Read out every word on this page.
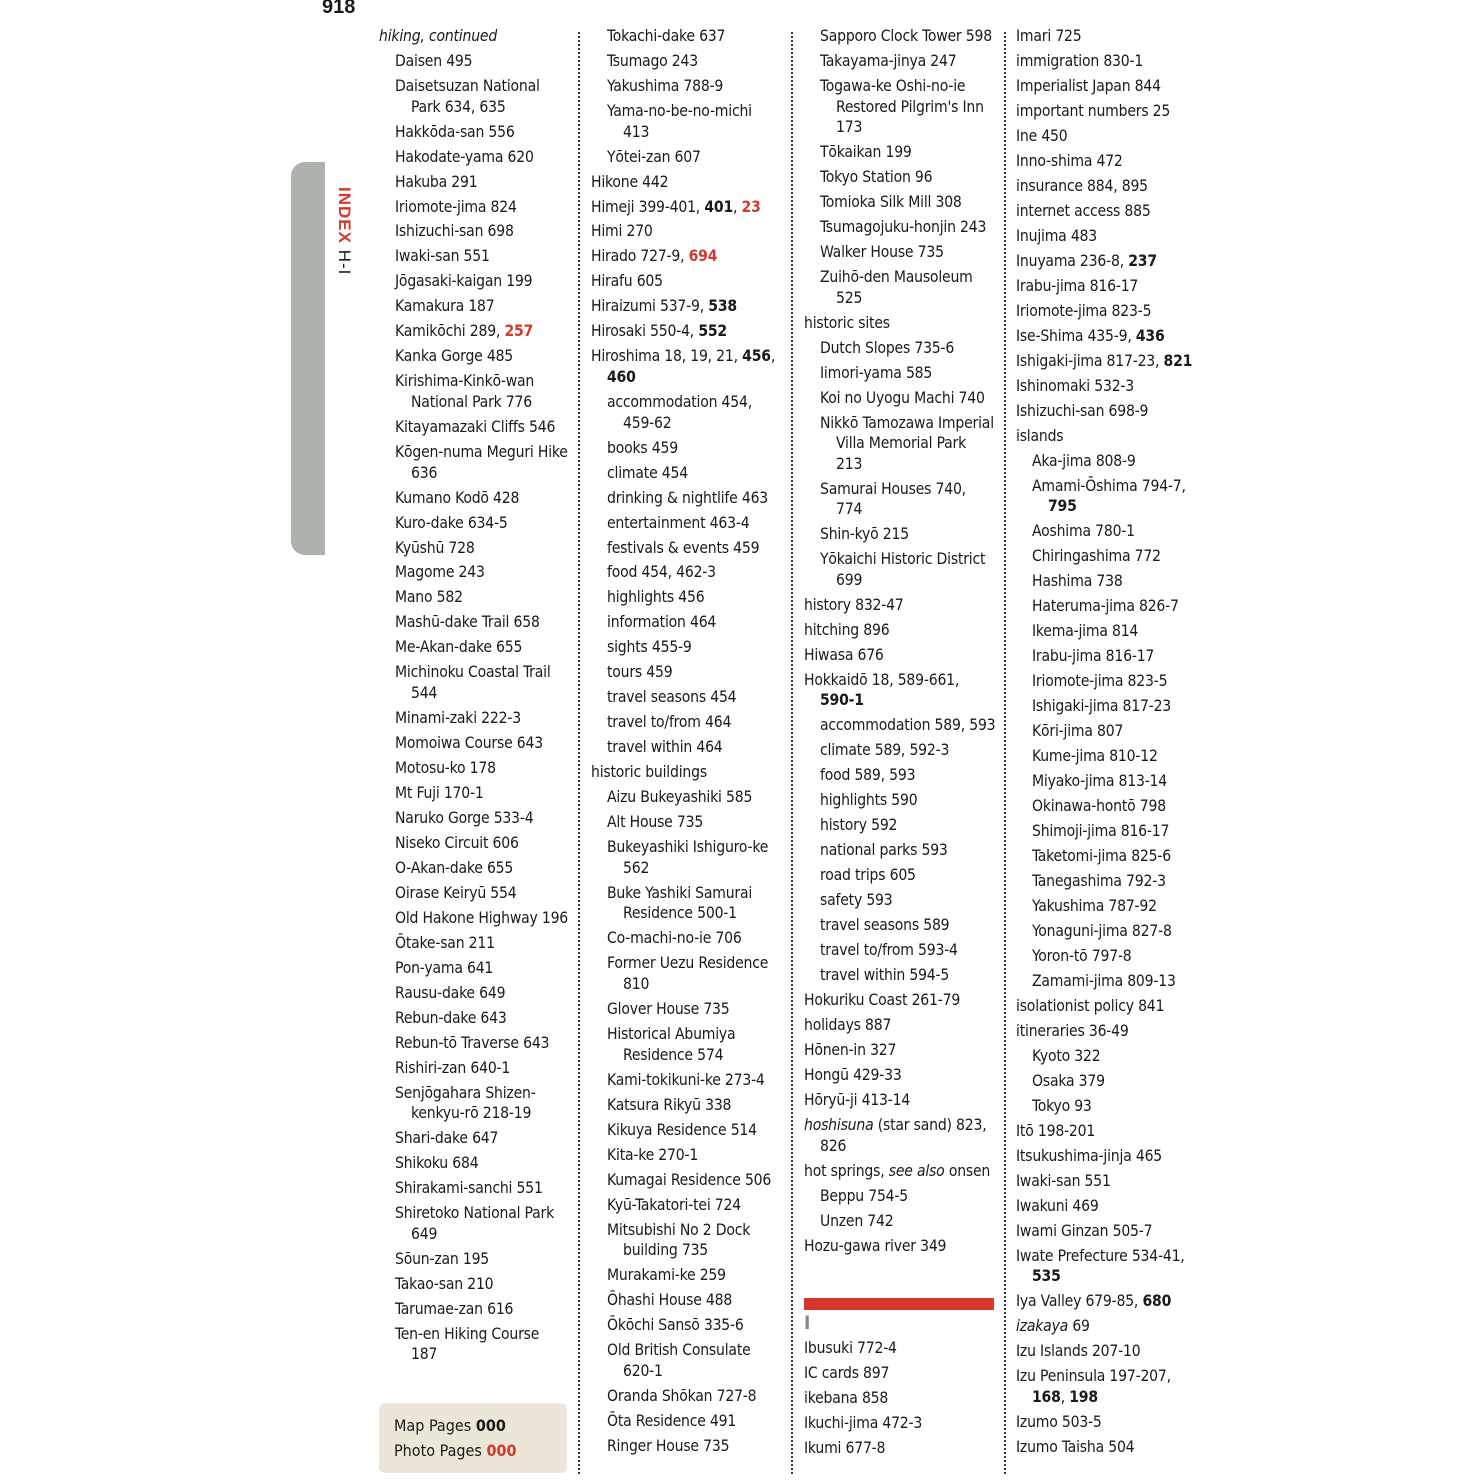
918
INDEX H-I
hiking, continued
Daisen 495
Daisetsuzan National Park 634, 635
Hakkōda-san 556
Hakodate-yama 620
Hakuba 291
Iriomote-jima 824
Ishizuchi-san 698
Iwaki-san 551
Jōgasaki-kaigan 199
Kamakura 187
Kamikōchi 289, 257
Kanka Gorge 485
Kirishima-Kinkō-wan National Park 776
Kitayamazaki Cliffs 546
Kōgen-numa Meguri Hike 636
Kumano Kodō 428
Kuro-dake 634-5
Kyūshū 728
Magome 243
Mano 582
Mashū-dake Trail 658
Me-Akan-dake 655
Michinoku Coastal Trail 544
Minami-zaki 222-3
Momoiwa Course 643
Motosu-ko 178
Mt Fuji 170-1
Naruko Gorge 533-4
Niseko Circuit 606
O-Akan-dake 655
Oirase Keiryū 554
Old Hakone Highway 196
Ōtake-san 211
Pon-yama 641
Rausu-dake 649
Rebun-dake 643
Rebun-tō Traverse 643
Rishiri-zan 640-1
Senjōgahara Shizen-kenkyu-rō 218-19
Shari-dake 647
Shikoku 684
Shirakami-sanchi 551
Shiretoko National Park 649
Sōun-zan 195
Takao-san 210
Tarumae-zan 616
Ten-en Hiking Course 187
Tokachi-dake 637
Tsumago 243
Yakushima 788-9
Yama-no-be-no-michi 413
Yōtei-zan 607
Hikone 442
Himeji 399-401, 401, 23
Himi 270
Hirado 727-9, 694
Hirafu 605
Hiraizumi 537-9, 538
Hirosaki 550-4, 552
Hiroshima 18, 19, 21, 456, 460
accommodation 454, 459-62
books 459
climate 454
drinking & nightlife 463
entertainment 463-4
festivals & events 459
food 454, 462-3
highlights 456
information 464
sights 455-9
tours 459
travel seasons 454
travel to/from 464
travel within 464
historic buildings
Aizu Bukeyashiki 585
Alt House 735
Bukeyashiki Ishiguro-ke 562
Buke Yashiki Samurai Residence 500-1
Co-machi-no-ie 706
Former Uezu Residence 810
Glover House 735
Historical Abumiya Residence 574
Kami-tokikuni-ke 273-4
Katsura Rikyū 338
Kikuya Residence 514
Kita-ke 270-1
Kumagai Residence 506
Kyū-Takatori-tei 724
Mitsubishi No 2 Dock building 735
Murakami-ke 259
Ōhashi House 488
Ōkōchi Sansō 335-6
Old British Consulate 620-1
Oranda Shōkan 727-8
Ōta Residence 491
Ringer House 735
Sapporo Clock Tower 598
Takayama-jinya 247
Togawa-ke Oshi-no-ie Restored Pilgrim's Inn 173
Tōkaikan 199
Tokyo Station 96
Tomioka Silk Mill 308
Tsumagojuku-honjin 243
Walker House 735
Zuihō-den Mausoleum 525
historic sites
Dutch Slopes 735-6
Iimori-yama 585
Koi no Uyogu Machi 740
Nikkō Tamozawa Imperial Villa Memorial Park 213
Samurai Houses 740, 774
Shin-kyō 215
Yōkaichi Historic District 699
history 832-47
hitching 896
Hiwasa 676
Hokkaidō 18, 589-661, 590-1
accommodation 589, 593
climate 589, 592-3
food 589, 593
highlights 590
history 592
national parks 593
road trips 605
safety 593
travel seasons 589
travel to/from 593-4
travel within 594-5
Hokuriku Coast 261-79
holidays 887
Hōnen-in 327
Hongū 429-33
Hōryū-ji 413-14
hoshisuna (star sand) 823, 826
hot springs, see also onsen
Beppu 754-5
Unzen 742
Hozu-gawa river 349
Imari 725
immigration 830-1
Imperialist Japan 844
important numbers 25
Ine 450
Inno-shima 472
insurance 884, 895
internet access 885
Inujima 483
Inuyama 236-8, 237
Irabu-jima 816-17
Iriomote-jima 823-5
Ise-Shima 435-9, 436
Ishigaki-jima 817-23, 821
Ishinomaki 532-3
Ishizuchi-san 698-9
islands
Aka-jima 808-9
Amami-Ōshima 794-7, 795
Aoshima 780-1
Chiringashima 772
Hashima 738
Hateruma-jima 826-7
Ikema-jima 814
Irabu-jima 816-17
Iriomote-jima 823-5
Ishigaki-jima 817-23
Kōri-jima 807
Kume-jima 810-12
Miyako-jima 813-14
Okinawa-hontō 798
Shimoji-jima 816-17
Taketomi-jima 825-6
Tanegashima 792-3
Yakushima 787-92
Yonaguni-jima 827-8
Yoron-tō 797-8
Zamami-jima 809-13
isolationist policy 841
itineraries 36-49
Kyoto 322
Osaka 379
Tokyo 93
Itō 198-201
Itsukushima-jinja 465
Iwaki-san 551
Iwakuni 469
Iwami Ginzan 505-7
Iwate Prefecture 534-41, 535
Iya Valley 679-85, 680
izakaya 69
Izu Islands 207-10
Izu Peninsula 197-207, 168, 198
Izumo 503-5
Izumo Taisha 504
I
Ibusuki 772-4
IC cards 897
ikebana 858
Ikuchi-jima 472-3
Ikumi 677-8
Map Pages 000
Photo Pages 000
